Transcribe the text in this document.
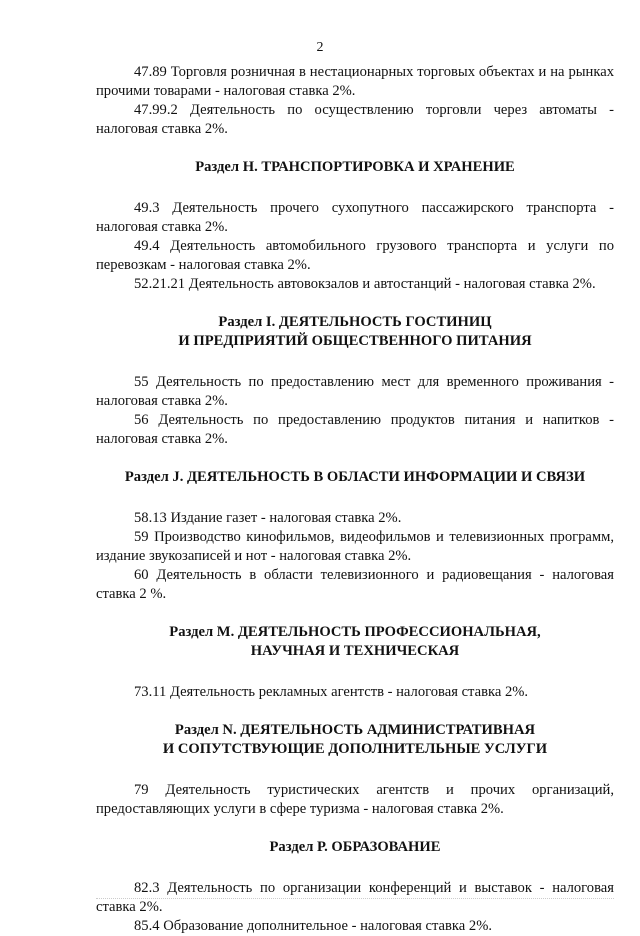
2

47.89 Торговля розничная в нестационарных торговых объектах и на рынках прочими товарами - налоговая ставка 2%.

47.99.2 Деятельность по осуществлению торговли через автоматы - налоговая ставка 2%.

Раздел Н. ТРАНСПОРТИРОВКА И ХРАНЕНИЕ

49.3 Деятельность прочего сухопутного пассажирского транспорта - налоговая ставка 2%.

49.4 Деятельность автомобильного грузового транспорта и услуги по перевозкам - налоговая ставка 2%.

52.21.21 Деятельность автовокзалов и автостанций - налоговая ставка 2%.

Раздел I. ДЕЯТЕЛЬНОСТЬ ГОСТИНИЦ
И ПРЕДПРИЯТИЙ ОБЩЕСТВЕННОГО ПИТАНИЯ

55 Деятельность по предоставлению мест для временного проживания - налоговая ставка 2%.

56 Деятельность по предоставлению продуктов питания и напитков - налоговая ставка 2%.

Раздел J. ДЕЯТЕЛЬНОСТЬ В ОБЛАСТИ ИНФОРМАЦИИ И СВЯЗИ

58.13 Издание газет - налоговая ставка 2%.

59 Производство кинофильмов, видеофильмов и телевизионных программ, издание звукозаписей и нот - налоговая ставка 2%.

60 Деятельность в области телевизионного и радиовещания - налоговая ставка 2 %.

Раздел М. ДЕЯТЕЛЬНОСТЬ ПРОФЕССИОНАЛЬНАЯ,
НАУЧНАЯ И ТЕХНИЧЕСКАЯ

73.11 Деятельность рекламных агентств - налоговая ставка 2%.

Раздел N. ДЕЯТЕЛЬНОСТЬ АДМИНИСТРАТИВНАЯ
И СОПУТСТВУЮЩИЕ ДОПОЛНИТЕЛЬНЫЕ УСЛУГИ

79 Деятельность туристических агентств и прочих организаций, предоставляющих услуги в сфере туризма - налоговая ставка 2%.

Раздел Р. ОБРАЗОВАНИЕ

82.3 Деятельность по организации конференций и выставок - налоговая ставка 2%.

85.4 Образование дополнительное - налоговая ставка 2%.
